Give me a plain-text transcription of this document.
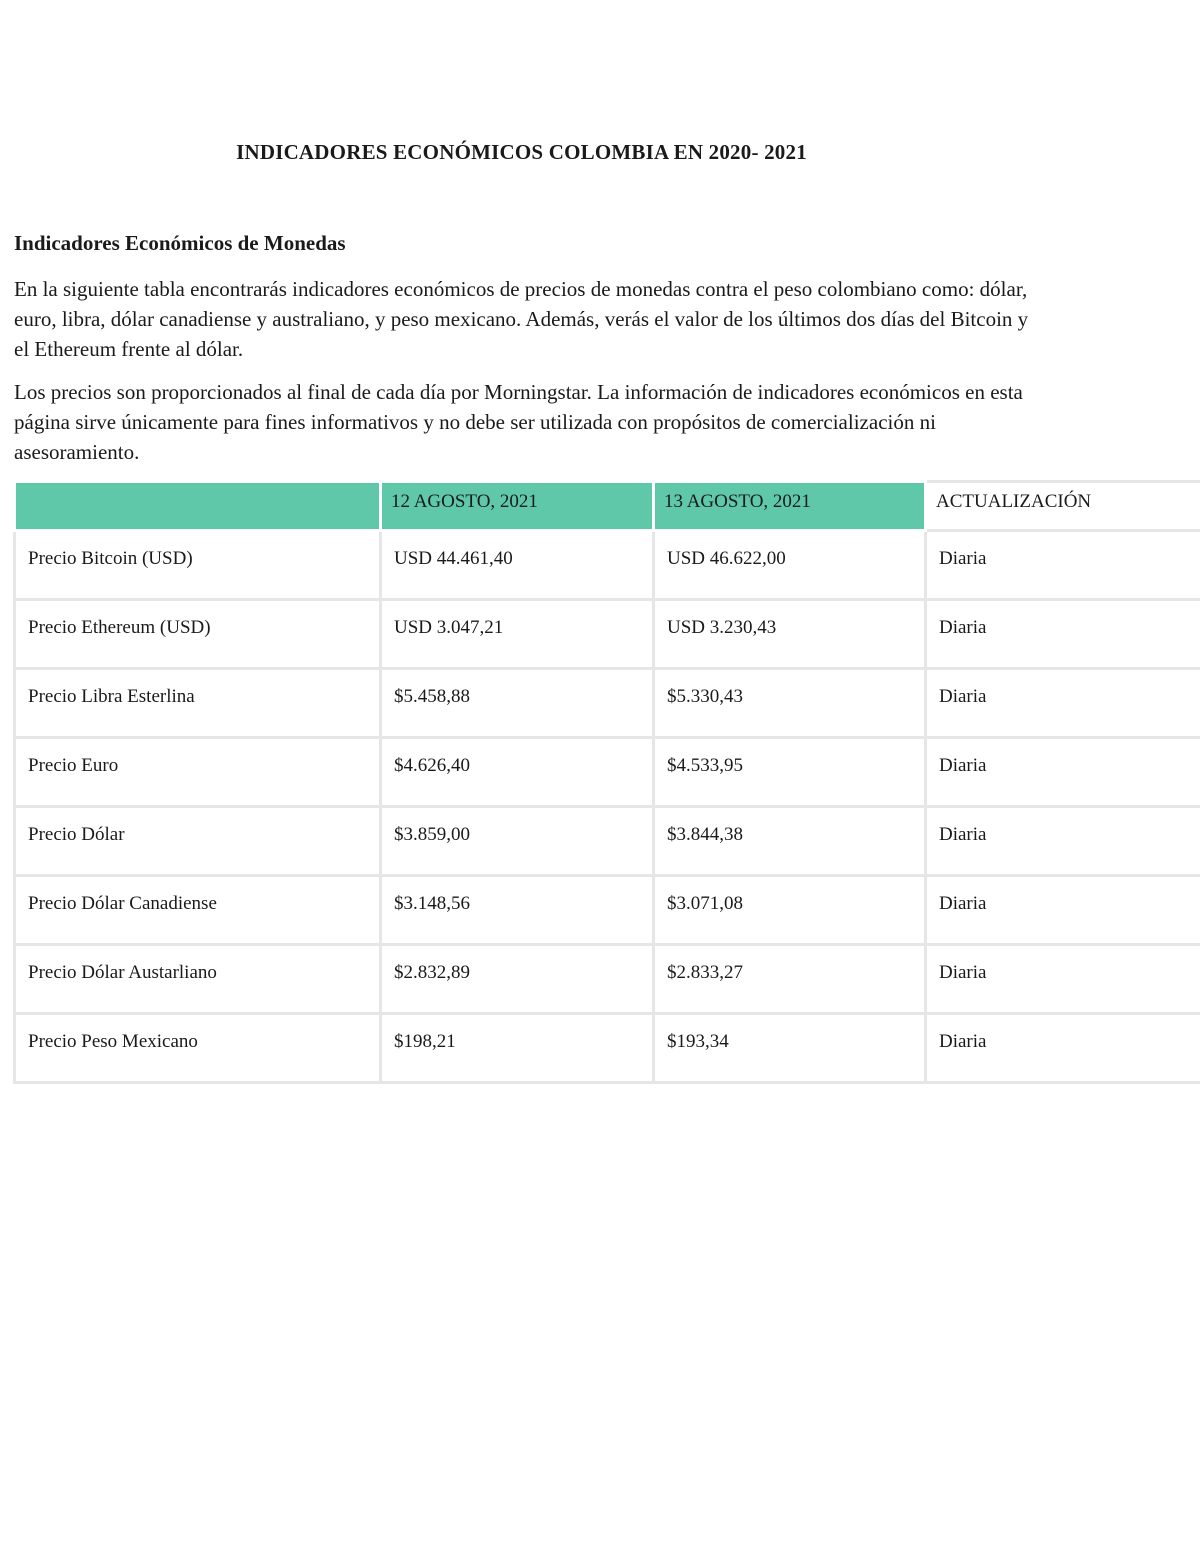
INDICADORES ECONÓMICOS COLOMBIA EN 2020- 2021
Indicadores Económicos de Monedas

En la siguiente tabla encontrarás indicadores económicos de precios de monedas contra el peso colombiano como: dólar, euro, libra, dólar canadiense y australiano, y peso mexicano. Además, verás el valor de los últimos dos días del Bitcoin y el Ethereum frente al dólar.

Los precios son proporcionados al final de cada día por Morningstar. La información de indicadores económicos en esta página sirve únicamente para fines informativos y no debe ser utilizada con propósitos de comercialización ni asesoramiento.

	12 AGOSTO, 2021	13 AGOSTO, 2021	ACTUALIZACIÓN
Precio Bitcoin (USD)	USD 44.461,40	USD 46.622,00	Diaria
Precio Ethereum (USD)	USD 3.047,21	USD 3.230,43	Diaria
Precio Libra Esterlina	$5.458,88	$5.330,43	Diaria
Precio Euro	$4.626,40	$4.533,95	Diaria
Precio Dólar	$3.859,00	$3.844,38	Diaria
Precio Dólar Canadiense	$3.148,56	$3.071,08	Diaria
Precio Dólar Austarliano	$2.832,89	$2.833,27	Diaria
Precio Peso Mexicano	$198,21	$193,34	Diaria
